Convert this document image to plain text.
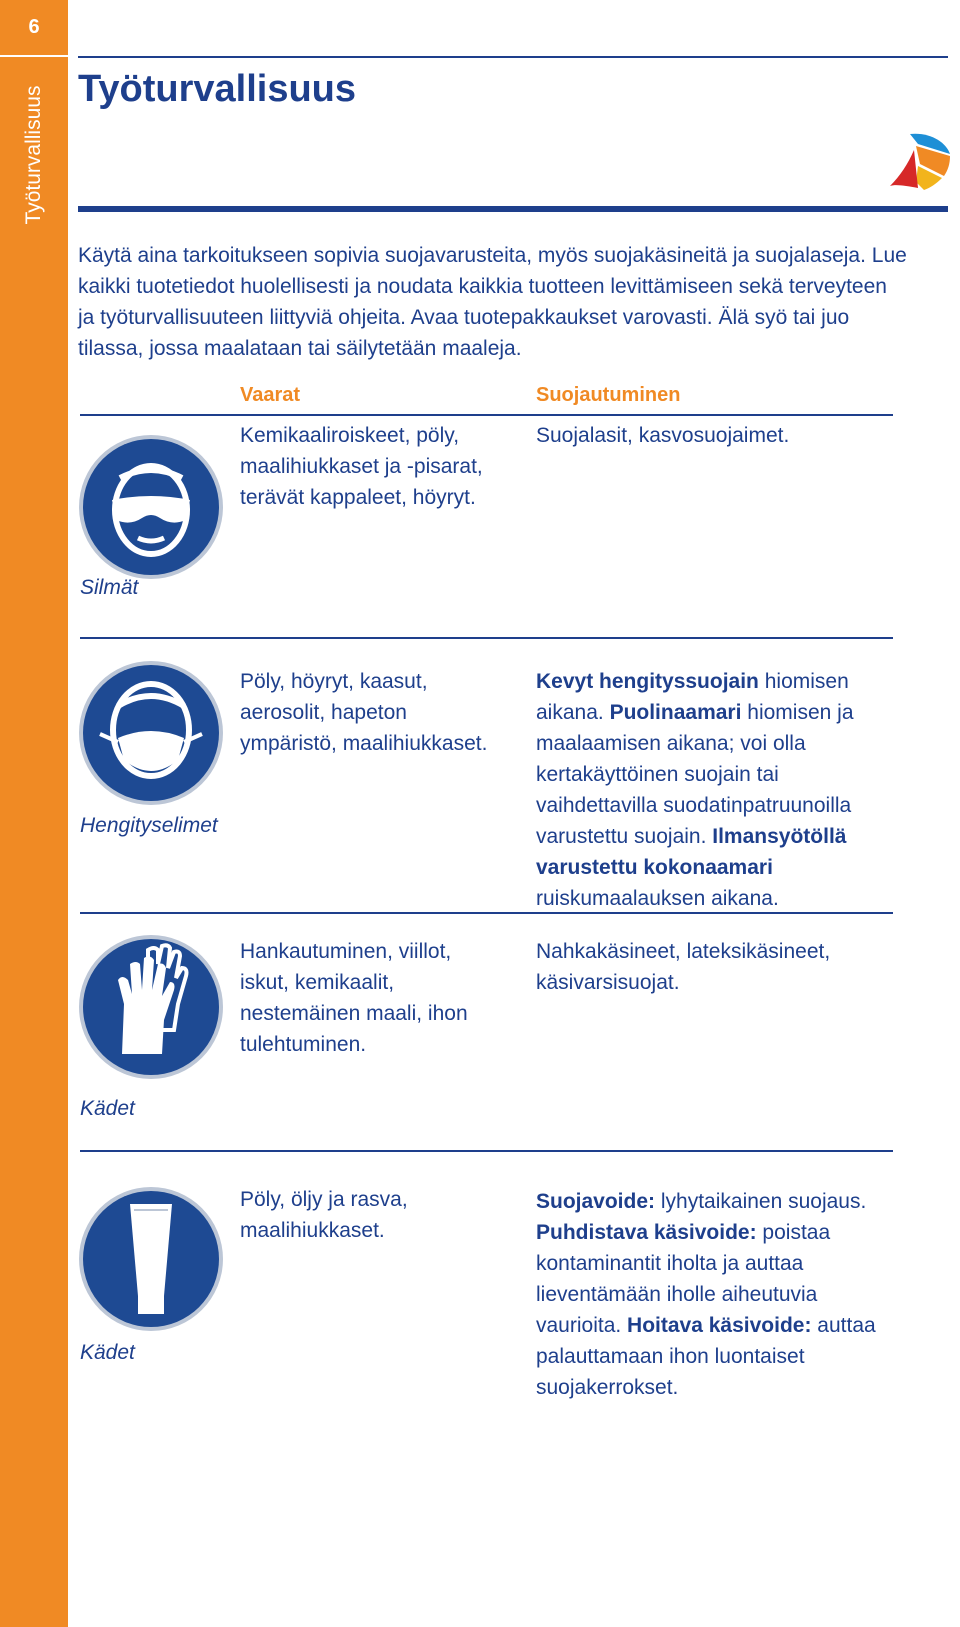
6
Työturvallisuus Työturvallisuus

Käytä aina tarkoitukseen sopivia suojavarusteita, myös suojakäsineitä ja suojalaseja. Lue kaikki tuotetiedot huolellisesti ja noudata kaikkia tuotteen levittämiseen sekä terveyteen ja työturvallisuuteen liittyviä ohjeita. Avaa tuotepakkaukset varovasti. Älä syö tai juo tilassa, jossa maalataan tai säilytetään maaleja.

Vaarat	Suojautuminen
Silmät
Kemikaaliroiskeet, pöly, maalihiukkaset ja -pisarat, terävät kappaleet, höyryt.
Suojalasit, kasvosuojaimet.
Hengityselimet
Pöly, höyryt, kaasut, aerosolit, hapeton ympäristö, maalihiukkaset.
Kevyt hengityssuojain hiomisen aikana. Puolinaamari hiomisen ja maalaamisen aikana; voi olla kertakäyttöinen suojain tai vaihdettavilla suodatinpatruunoilla varustettu suojain. Ilmansyötöllä varustettu kokonaamari ruiskumaalauksen aikana.
Kädet
Hankautuminen, viillot, iskut, kemikaalit, nestemäinen maali, ihon tulehtuminen.
Nahkakäsineet, lateksikäsineet, käsivarsisuojat.
Kädet
Pöly, öljy ja rasva, maalihiukkaset.
Suojavoide: lyhytaikainen suojaus. Puhdistava käsivoide: poistaa kontaminantit iholta ja auttaa lieventämään iholle aiheutuvia vaurioita. Hoitava käsivoide: auttaa palauttamaan ihon luontaiset suojakerrokset.
